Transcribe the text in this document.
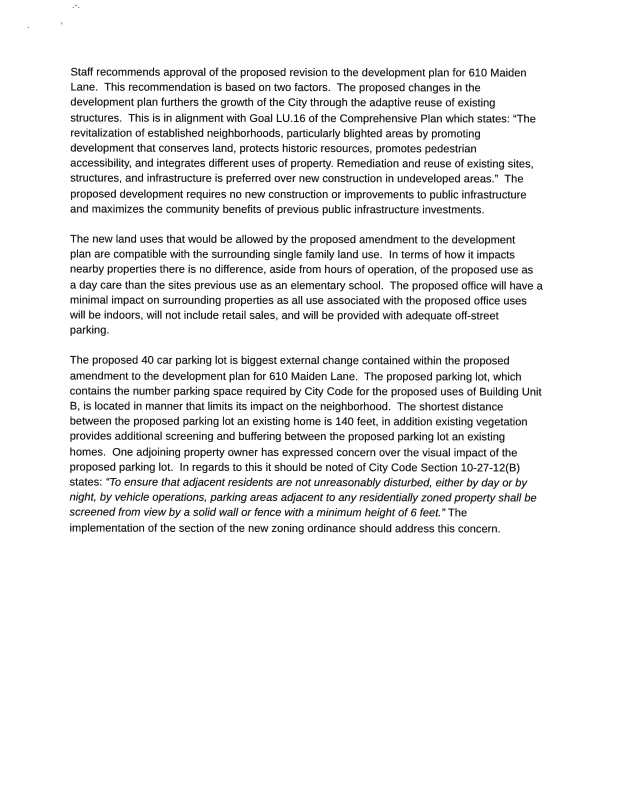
Staff recommends approval of the proposed revision to the development plan for 610 Maiden
Lane.  This recommendation is based on two factors.  The proposed changes in the
development plan furthers the growth of the City through the adaptive reuse of existing
structures.  This is in alignment with Goal LU.16 of the Comprehensive Plan which states: “The
revitalization of established neighborhoods, particularly blighted areas by promoting
development that conserves land, protects historic resources, promotes pedestrian
accessibility, and integrates different uses of property. Remediation and reuse of existing sites,
structures, and infrastructure is preferred over new construction in undeveloped areas.”  The
proposed development requires no new construction or improvements to public infrastructure
and maximizes the community benefits of previous public infrastructure investments.
The new land uses that would be allowed by the proposed amendment to the development
plan are compatible with the surrounding single family land use.  In terms of how it impacts
nearby properties there is no difference, aside from hours of operation, of the proposed use as
a day care than the sites previous use as an elementary school.  The proposed office will have a
minimal impact on surrounding properties as all use associated with the proposed office uses
will be indoors, will not include retail sales, and will be provided with adequate off-street
parking.
The proposed 40 car parking lot is biggest external change contained within the proposed
amendment to the development plan for 610 Maiden Lane.  The proposed parking lot, which
contains the number parking space required by City Code for the proposed uses of Building Unit
B, is located in manner that limits its impact on the neighborhood.  The shortest distance
between the proposed parking lot an existing home is 140 feet, in addition existing vegetation
provides additional screening and buffering between the proposed parking lot an existing
homes.  One adjoining property owner has expressed concern over the visual impact of the
proposed parking lot.  In regards to this it should be noted of City Code Section 10-27-12(B)
states: “To ensure that adjacent residents are not unreasonably disturbed, either by day or by
night, by vehicle operations, parking areas adjacent to any residentially zoned property shall be
screened from view by a solid wall or fence with a minimum height of 6 feet.” The
implementation of the section of the new zoning ordinance should address this concern.
.-.
.	'
